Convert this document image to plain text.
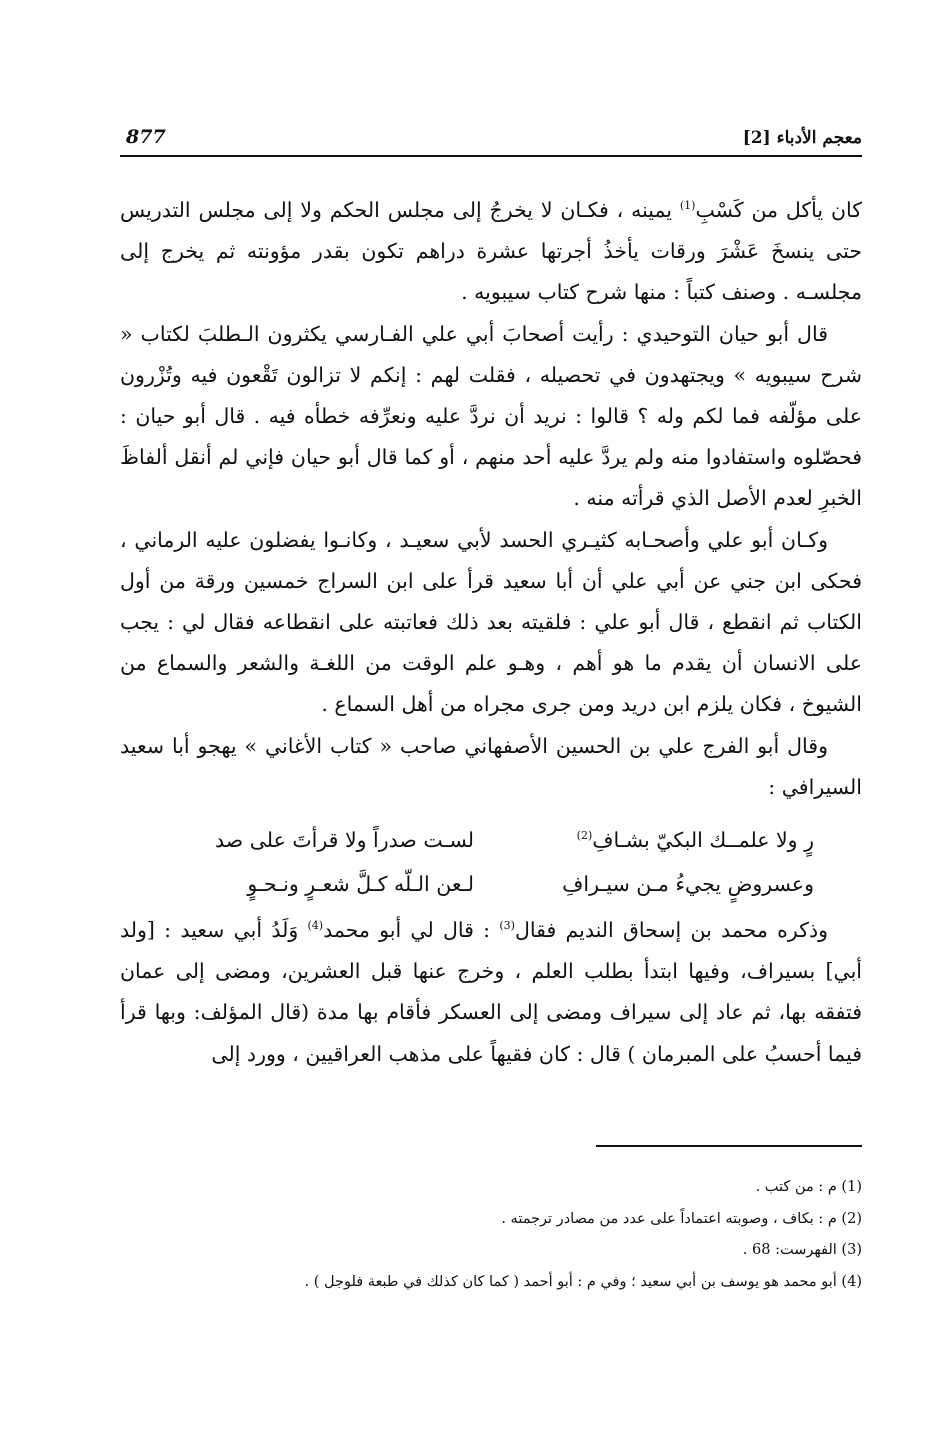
معجم الأدباء [2]
877

كان يأكل من كَسْبِ$^{(1)}$ يمينه ، فكـان لا يخرجُ إلى مجلس الحكم ولا إلى مجلس التدريس حتى ينسخَ عَشْرَ ورقات يأخذُ أجرتها عشرة دراهم تكون بقدر مؤونته ثم يخرج إلى مجلسـه . وصنف كتباً : منها شرح كتاب سيبويه .

قال أبو حيان التوحيدي : رأيت أصحابَ أبي علي الفـارسي يكثرون الـطلبَ لكتاب « شرح سيبويه » ويجتهدون في تحصيله ، فقلت لهم : إنكم لا تزالون تَقْعون فيه وتُزْرون على مؤلّفه فما لكم وله ؟ قالوا : نريد أن نردَّ عليه ونعرِّفه خطأه فيه . قال أبو حيان : فحصّلوه واستفادوا منه ولم يردَّ عليه أحد منهم ، أو كما قال أبو حيان فإني لم أنقل ألفاظَ الخبرِ لعدم الأصل الذي قرأته منه .

وكـان أبو علي وأصحـابه كثيـري الحسد لأبي سعيـد ، وكانـوا يفضلون عليه الرماني ، فحكى ابن جني عن أبي علي أن أبا سعيد قرأ على ابن السراج خمسين ورقة من أول الكتاب ثم انقطع ، قال أبو علي : فلقيته بعد ذلك فعاتبته على انقطاعه فقال لي : يجب على الانسان أن يقدم ما هو أهم ، وهـو علم الوقت من اللغـة والشعر والسماع من الشيوخ ، فكان يلزم ابن دريد ومن جرى مجراه من أهل السماع .

وقال أبو الفرج علي بن الحسين الأصفهاني صاحب « كتاب الأغاني » يهجو أبا سعيد السيرافي :

لسـت صدراً ولا قرأتَ على صد	رٍ ولا علمــك البكيّ بشـافِ$^{(2)}$
لـعن الـلّه كـلَّ شعـرٍ ونـحـوٍ	وعسروضٍ يجيءُ مـن سيـرافِ

وذكره محمد بن إسحاق النديم فقال$^{(3)}$ : قال لي أبو محمد$^{(4)}$ وَلَدُ أبي سعيد : [ولد أبي] بسيراف، وفيها ابتدأ بطلب العلم ، وخرج عنها قبل العشرين، ومضى إلى عمان فتفقه بها، ثم عاد إلى سيراف ومضى إلى العسكر فأقام بها مدة (قال المؤلف: وبها قرأ فيما أحسبُ على المبرمان ) قال : كان فقيهاً على مذهب العراقيين ، وورد إلى

(1) م : من كتب .
(2) م : بكاف ، وصوبته اعتماداً على عدد من مصادر ترجمته .
(3) الفهرست: 68 .
(4) أبو محمد هو يوسف بن أبي سعيد ؛ وفي م : أبو أحمد ( كما كان كذلك في طبعة فلوجل ) .
